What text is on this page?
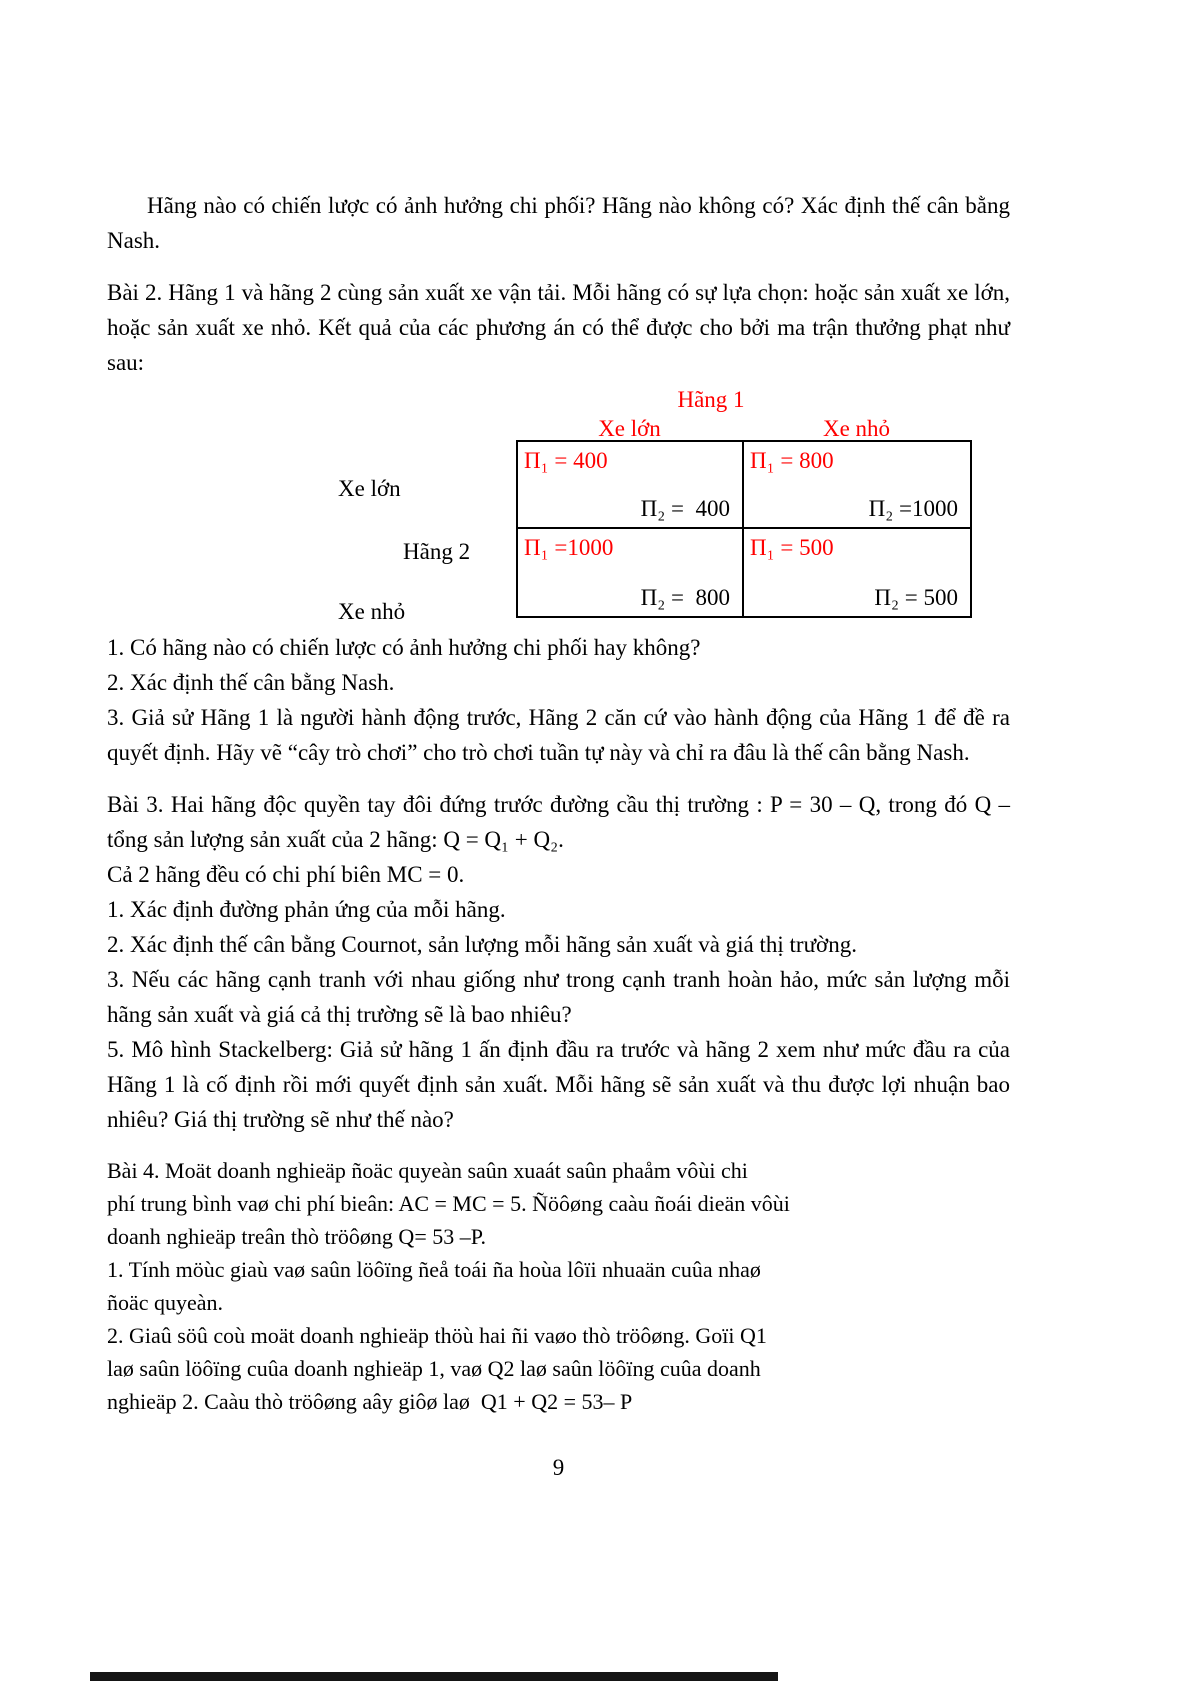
Hãng nào có chiến lược có ảnh hưởng chi phối? Hãng nào không có? Xác định thế cân bằng Nash.

Bài 2. Hãng 1 và hãng 2 cùng sản xuất xe vận tải. Mỗi hãng có sự lựa chọn: hoặc sản xuất xe lớn, hoặc sản xuất xe nhỏ. Kết quả của các phương án có thể được cho bởi ma trận thưởng phạt như sau:

Hãng 1
Xe lớn	Xe nhỏ
Xe lớn
Hãng 2
Xe nhỏ
Π₁ = 400
Π₂ =  400
Π₁ = 800
Π₂ =1000
Π₁ =1000
Π₂ =  800
Π₁ = 500
Π₂ = 500

1. Có hãng nào có chiến lược có ảnh hưởng chi phối hay không?

2. Xác định thế cân bằng Nash.

3. Giả sử Hãng 1 là người hành động trước, Hãng 2 căn cứ vào hành động của Hãng 1 để đề ra quyết định. Hãy vẽ “cây trò chơi” cho trò chơi tuần tự này và chỉ ra đâu là thế cân bằng Nash.

Bài 3. Hai hãng độc quyền tay đôi đứng trước đường cầu thị trường : P = 30 – Q, trong đó Q – tổng sản lượng sản xuất của 2 hãng: Q = Q₁ + Q₂.

Cả 2 hãng đều có chi phí biên MC = 0.

1. Xác định đường phản ứng của mỗi hãng.

2. Xác định thế cân bằng Cournot, sản lượng mỗi hãng sản xuất và giá thị trường.

3. Nếu các hãng cạnh tranh với nhau giống như trong cạnh tranh hoàn hảo, mức sản lượng mỗi hãng sản xuất và giá cả thị trường sẽ là bao nhiêu?

5. Mô hình Stackelberg: Giả sử hãng 1 ấn định đầu ra trước và hãng 2 xem như mức đầu ra của Hãng 1 là cố định rồi mới quyết định sản xuất. Mỗi hãng sẽ sản xuất và thu được lợi nhuận bao nhiêu? Giá thị trường sẽ như thế nào?

Bài 4. Moät doanh nghieäp ñoäc quyeàn saûn xuaát saûn phaåm vôùi chi
phí trung bình vaø chi phí bieân: AC = MC = 5. Ñöôøng caàu ñoái dieän vôùi
doanh nghieäp treân thò tröôøng Q= 53 –P.
1. Tính möùc giaù vaø saûn löôïng ñeå toái ña hoùa lôïi nhuaän cuûa nhaø
ñoäc quyeàn.
2. Giaû söû coù moät doanh nghieäp thöù hai ñi vaøo thò tröôøng. Goïi Q1
laø saûn löôïng cuûa doanh nghieäp 1, vaø Q2 laø saûn löôïng cuûa doanh
nghieäp 2. Caàu thò tröôøng aây giôø laø  Q1 + Q2 = 53– P
9
